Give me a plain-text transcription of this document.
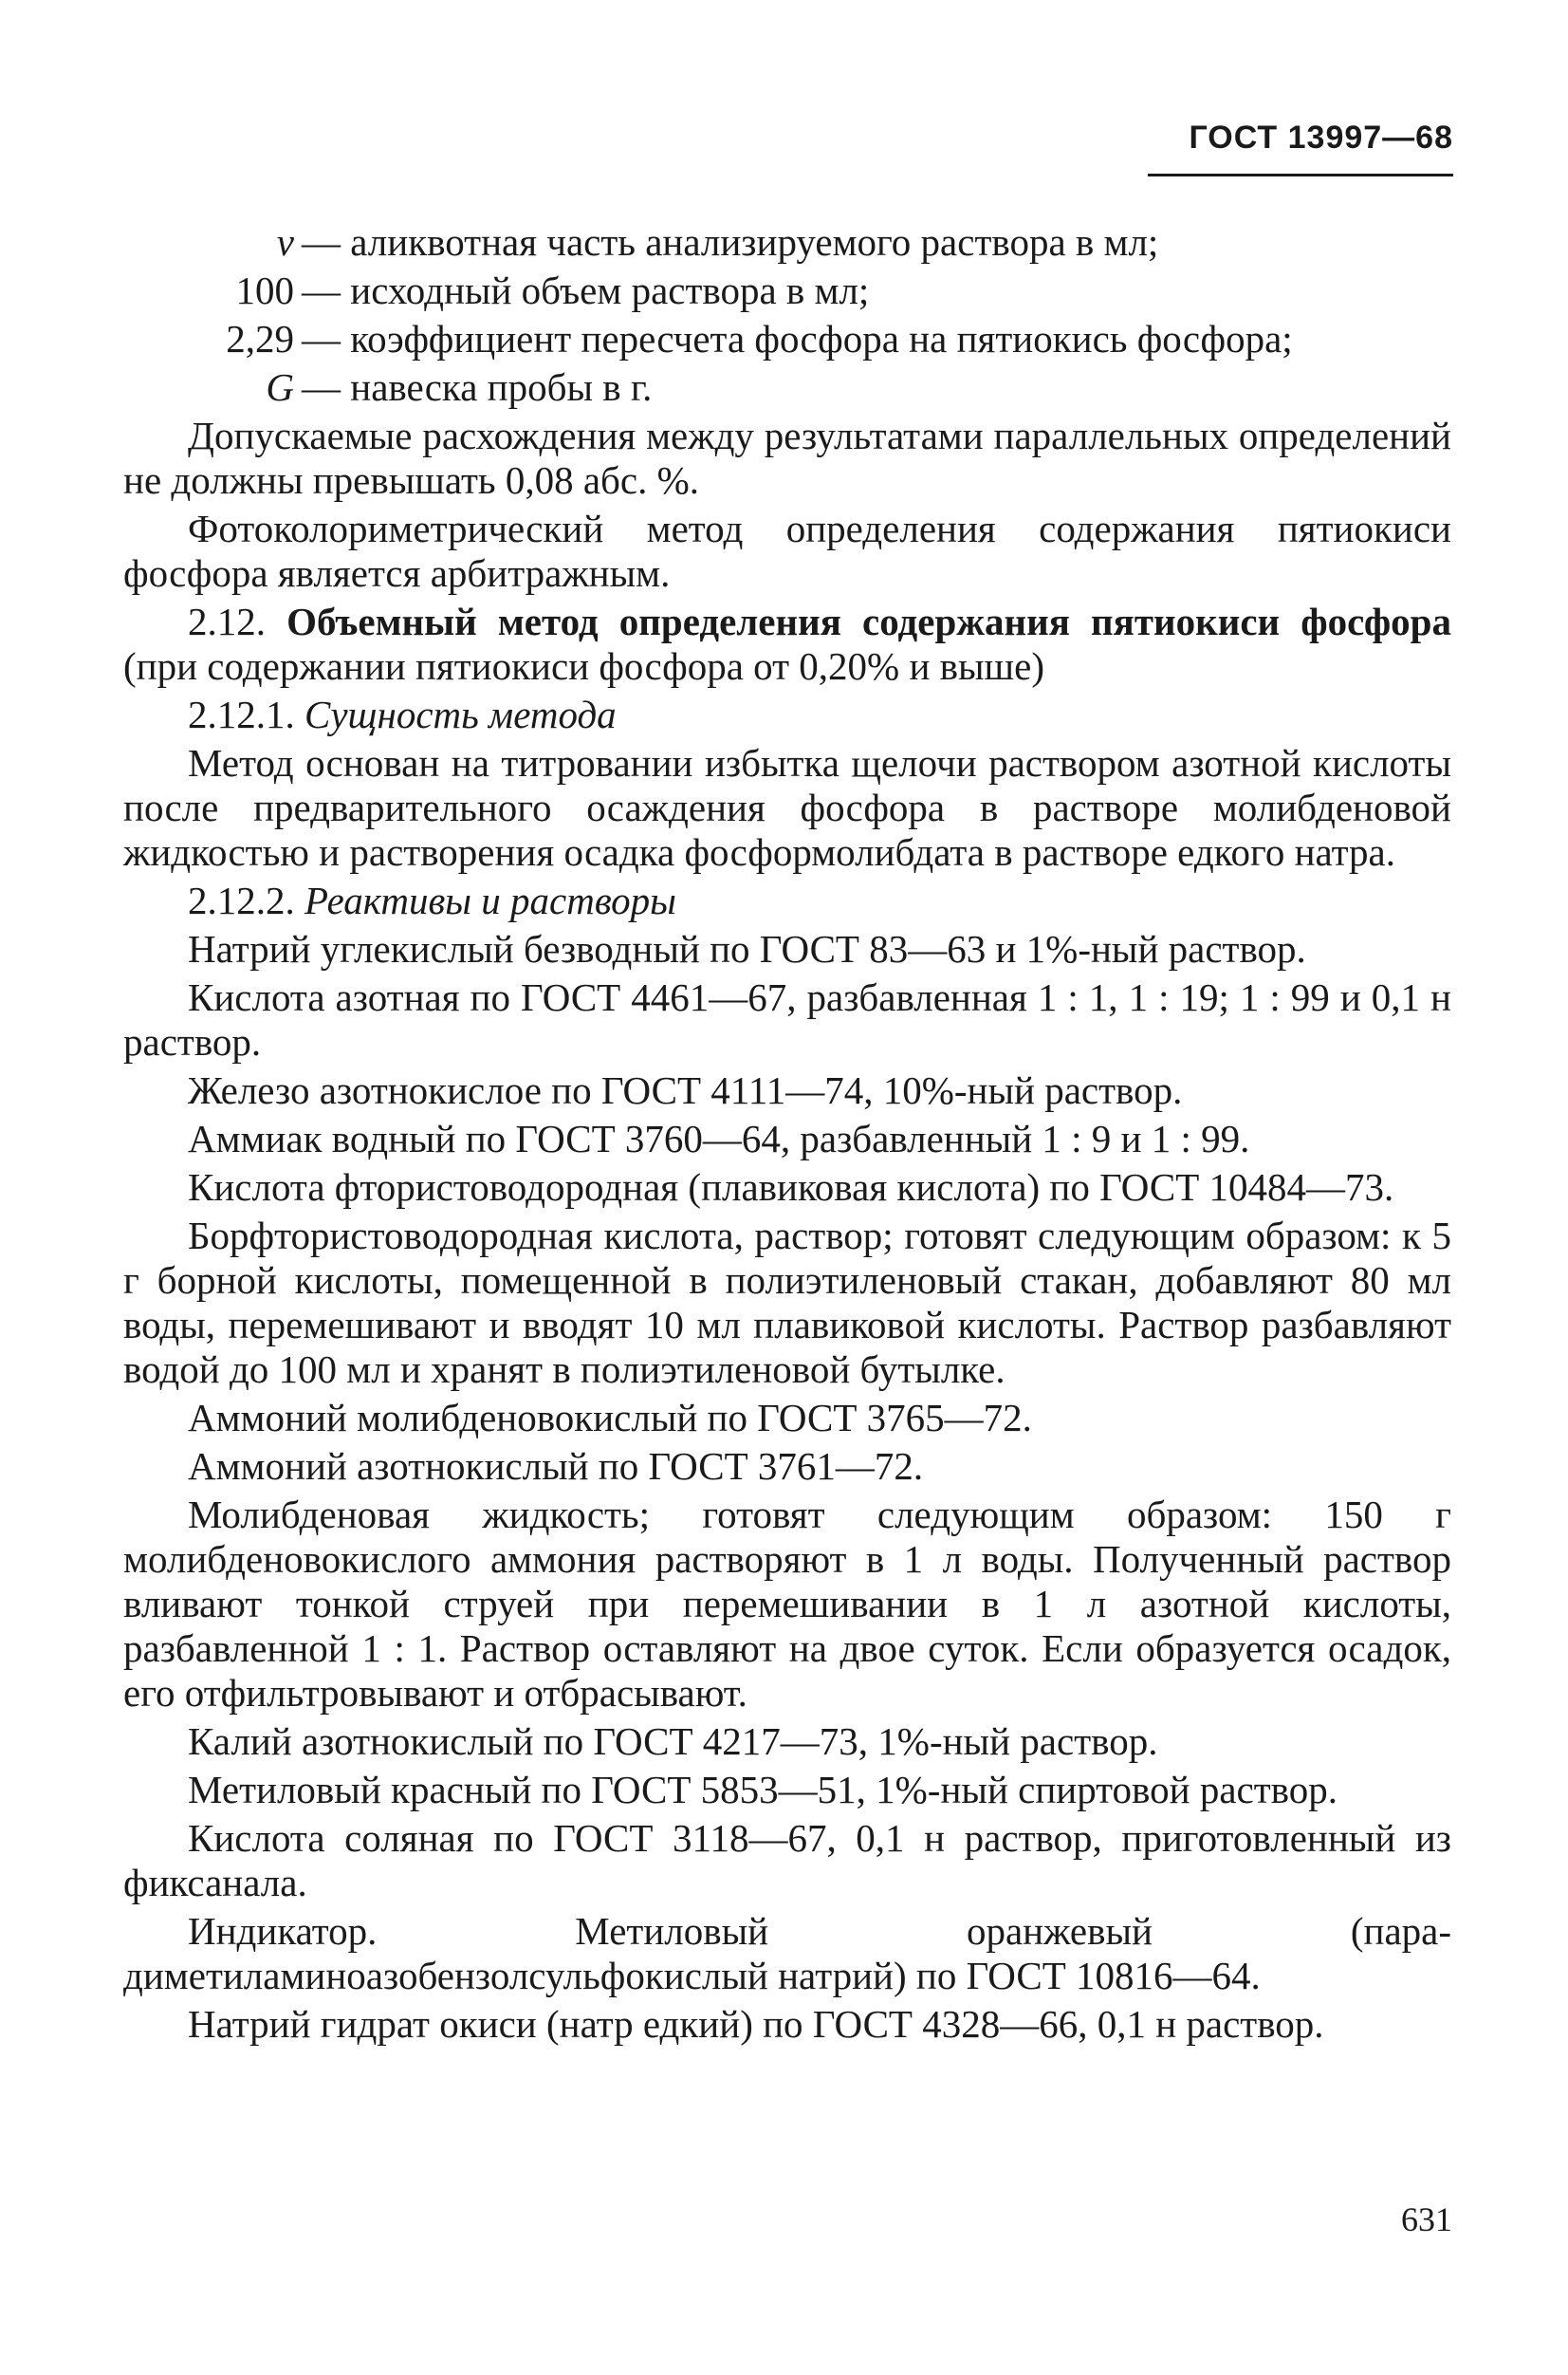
ГОСТ 13997—68
v — аликвотная часть анализируемого раствора в мл;
100 — исходный объем раствора в мл;
2,29 — коэффициент пересчета фосфора на пятиокись фосфора;
G — навеска пробы в г.

Допускаемые расхождения между результатами параллельных определений не должны превышать 0,08 абс. %.

Фотоколориметрический метод определения содержания пятиокиси фосфора является арбитражным.

2.12. Объемный метод определения содержания пятиокиси фосфора (при содержании пятиокиси фосфора от 0,20% и выше)

2.12.1. Сущность метода

Метод основан на титровании избытка щелочи раствором азотной кислоты после предварительного осаждения фосфора в растворе молибденовой жидкостью и растворения осадка фосформолибдата в растворе едкого натра.

2.12.2. Реактивы и растворы

Натрий углекислый безводный по ГОСТ 83—63 и 1%-ный раствор.

Кислота азотная по ГОСТ 4461—67, разбавленная 1 : 1, 1 : 19; 1 : 99 и 0,1 н раствор.

Железо азотнокислое по ГОСТ 4111—74, 10%-ный раствор.

Аммиак водный по ГОСТ 3760—64, разбавленный 1 : 9 и 1 : 99.

Кислота фтористоводородная (плавиковая кислота) по ГОСТ 10484—73.

Борфтористоводородная кислота, раствор; готовят следующим образом: к 5 г борной кислоты, помещенной в полиэтиленовый стакан, добавляют 80 мл воды, перемешивают и вводят 10 мл плавиковой кислоты. Раствор разбавляют водой до 100 мл и хранят в полиэтиленовой бутылке.

Аммоний молибденовокислый по ГОСТ 3765—72.

Аммоний азотнокислый по ГОСТ 3761—72.

Молибденовая жидкость; готовят следующим образом: 150 г молибденовокислого аммония растворяют в 1 л воды. Полученный раствор вливают тонкой струей при перемешивании в 1 л азотной кислоты, разбавленной 1 : 1. Раствор оставляют на двое суток. Если образуется осадок, его отфильтровывают и отбрасывают.

Калий азотнокислый по ГОСТ 4217—73, 1%-ный раствор.

Метиловый красный по ГОСТ 5853—51, 1%-ный спиртовой раствор.

Кислота соляная по ГОСТ 3118—67, 0,1 н раствор, приготовленный из фиксанала.

Индикатор. Метиловый оранжевый (пара-диметиламиноазобензолсульфокислый натрий) по ГОСТ 10816—64.

Натрий гидрат окиси (натр едкий) по ГОСТ 4328—66, 0,1 н раствор.

631
